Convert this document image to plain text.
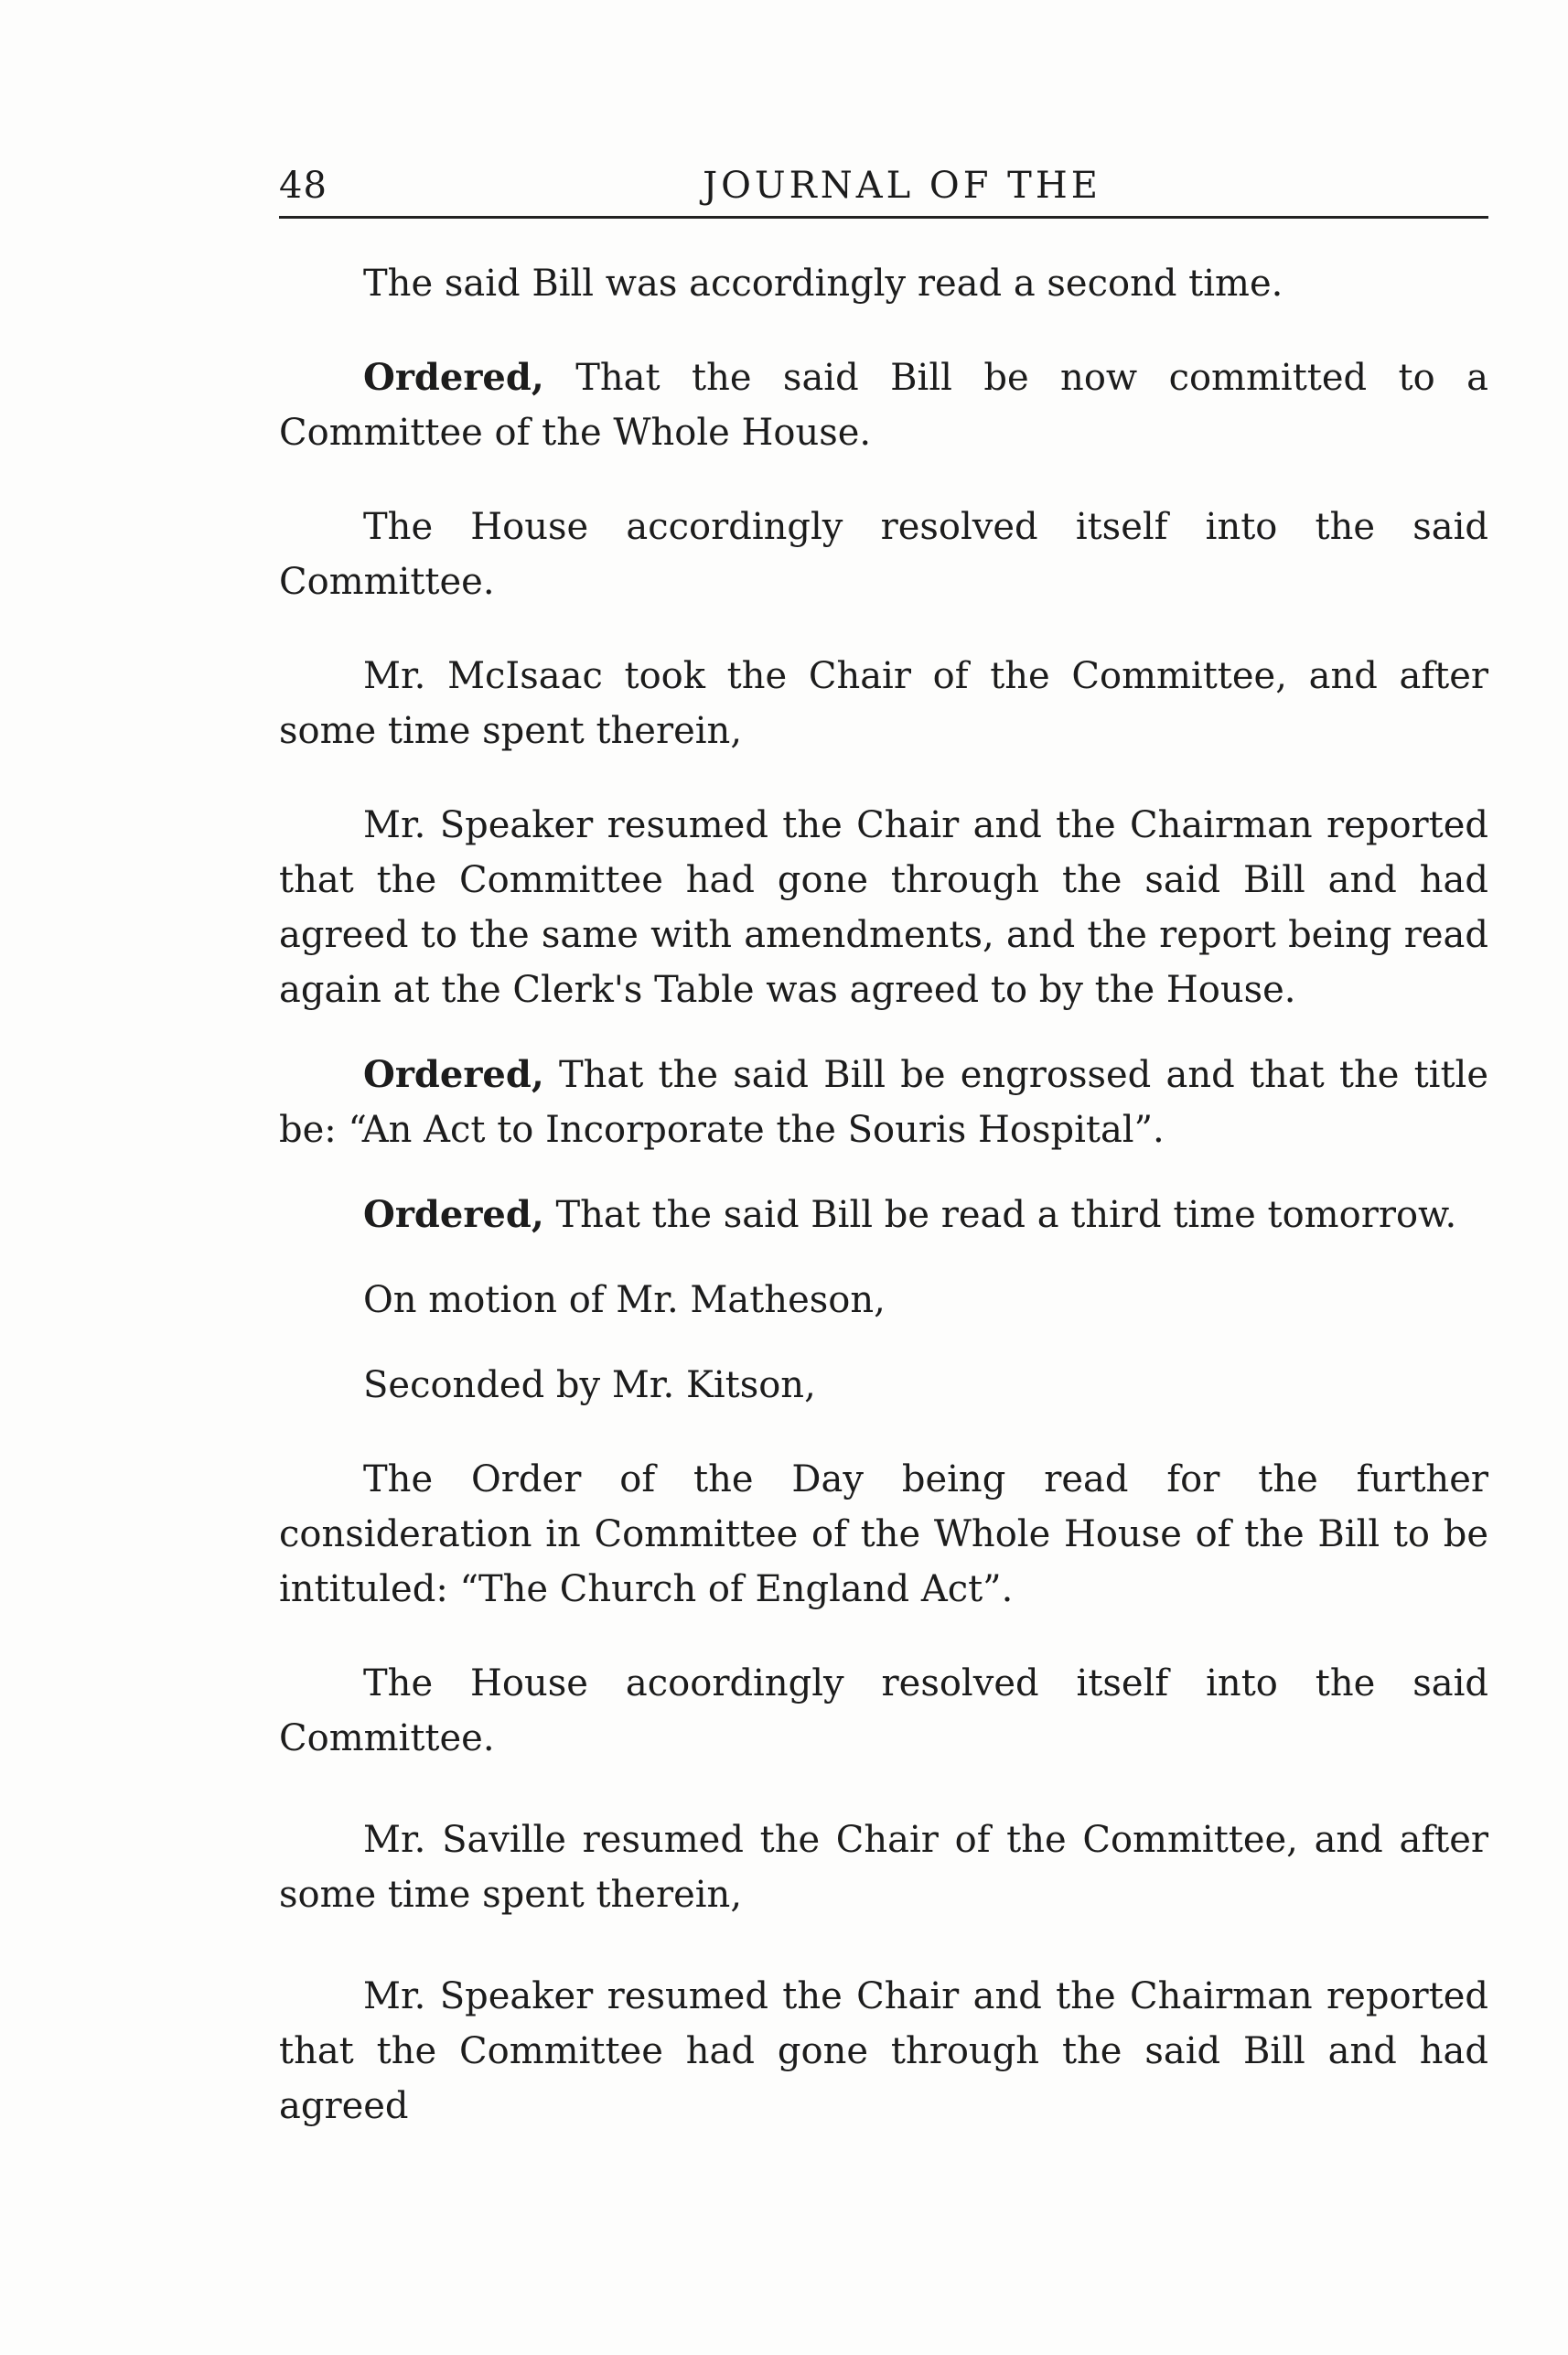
48	JOURNAL OF THE

The said Bill was accordingly read a second time.

Ordered, That the said Bill be now committed to a Committee of the Whole House.

The House accordingly resolved itself into the said Committee.

Mr. McIsaac took the Chair of the Committee, and after some time spent therein,

Mr. Speaker resumed the Chair and the Chairman reported that the Committee had gone through the said Bill and had agreed to the same with amendments, and the report being read again at the Clerk's Table was agreed to by the House.

Ordered, That the said Bill be engrossed and that the title be: “An Act to Incorporate the Souris Hospital”.

Ordered, That the said Bill be read a third time tomorrow.

On motion of Mr. Matheson,

Seconded by Mr. Kitson,

The Order of the Day being read for the further consideration in Committee of the Whole House of the Bill to be intituled: “The Church of England Act”.

The House acoordingly resolved itself into the said Committee.

Mr. Saville resumed the Chair of the Committee, and after some time spent therein,

Mr. Speaker resumed the Chair and the Chairman reported that the Committee had gone through the said Bill and had agreed
